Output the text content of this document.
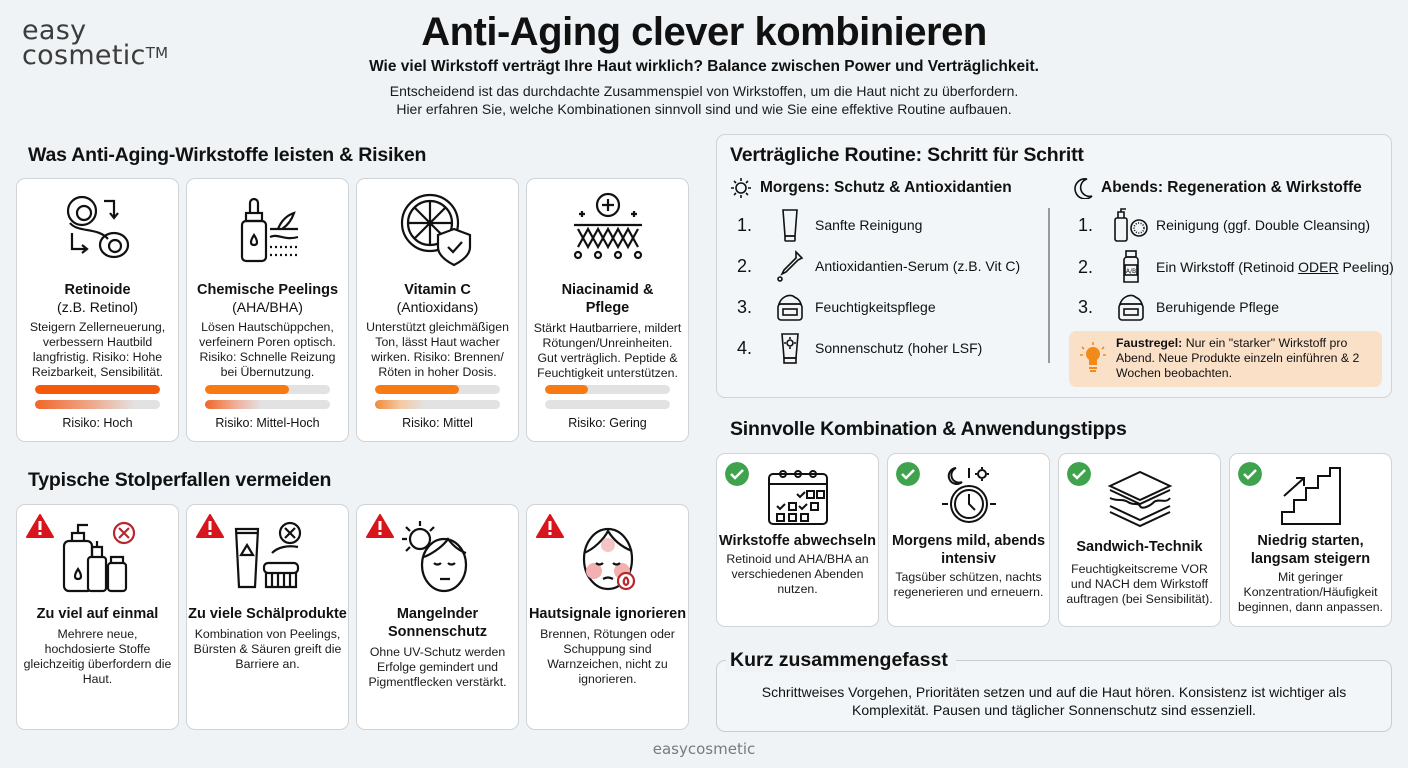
easy
cosmetic™	Anti-Aging clever kombinieren
Wie viel Wirkstoff verträgt Ihre Haut wirklich? Balance zwischen Power und Verträglichkeit.
Entscheidend ist das durchdachte Zusammenspiel von Wirkstoffen, um die Haut nicht zu überfordern.
Hier erfahren Sie, welche Kombinationen sinnvoll sind und wie Sie eine effektive Routine aufbauen.
Was Anti-Aging-Wirkstoffe leisten & Risiken
Retinoide
(z.B. Retinol)

Steigern Zellerneuerung, verbessern Hautbild langfristig. Risiko: Hohe Reizbarkeit, Sensibilität.

Risiko: Hoch
Chemische Peelings
(AHA/BHA)

Lösen Hautschüppchen, verfeinern Poren optisch. Risiko: Schnelle Reizung bei Übernutzung.

Risiko: Mittel-Hoch
Vitamin C
(Antioxidans)

Unterstützt gleichmäßigen Ton, lässt Haut wacher wirken. Risiko: Brennen/ Röten in hoher Dosis.

Risiko: Mittel
Niacinamid &
Pflege

Stärkt Hautbarriere, mildert Rötungen/Unreinheiten. Gut verträglich. Peptide & Feuchtigkeit unterstützen.

Risiko: Gering
Typische Stolperfallen vermeiden
Zu viel auf einmal

Mehrere neue, hochdosierte Stoffe gleichzeitig überfordern die Haut.

Zu viele Schälprodukte

Kombination von Peelings, Bürsten & Säuren greift die Barriere an.

Mangelnder Sonnenschutz

Ohne UV-Schutz werden Erfolge gemindert und Pigmentflecken verstärkt.

Hautsignale ignorieren

Brennen, Rötungen oder Schuppung sind Warnzeichen, nicht zu ignorieren.

Verträgliche Routine: Schritt für Schritt
Morgens: Schutz & Antioxidantien
1.	Sanfte Reinigung
2.	Antioxidantien-Serum (z.B. Vit C)
3.	Feuchtigkeitspflege
4.	Sonnenschutz (hoher LSF)
Abends: Regeneration & Wirkstoffe
1.	Reinigung (ggf. Double Cleansing)
2.	A/B Ein Wirkstoff (Retinoid ODER Peeling)
3.	Beruhigende Pflege
Faustregel: Nur ein "starker" Wirkstoff pro Abend. Neue Produkte einzeln einführen & 2 Wochen beobachten.
Sinnvolle Kombination & Anwendungstipps
Wirkstoffe abwechseln

Retinoid und AHA/BHA an verschiedenen Abenden nutzen.

Morgens mild, abends intensiv

Tagsüber schützen, nachts regenerieren und erneuern.

Sandwich-Technik

Feuchtigkeitscreme VOR und NACH dem Wirkstoff auftragen (bei Sensibilität).

Niedrig starten, langsam steigern

Mit geringer Konzentration/Häufigkeit beginnen, dann anpassen.

Schrittweises Vorgehen, Prioritäten setzen und auf die Haut hören. Konsistenz ist wichtiger als Komplexität. Pausen und täglicher Sonnenschutz sind essenziell.

Kurz zusammengefasst
easycosmetic
